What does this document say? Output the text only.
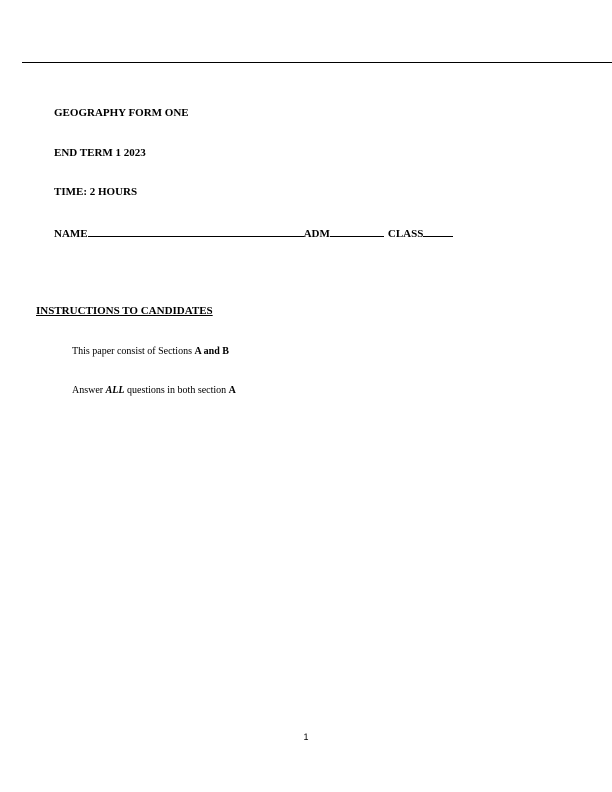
GEOGRAPHY FORM ONE
END TERM 1 2023
TIME: 2 HOURS
NAME	ADM	CLASS
INSTRUCTIONS TO CANDIDATES
This paper consist of Sections A and B
Answer ALL questions in both section A
1
